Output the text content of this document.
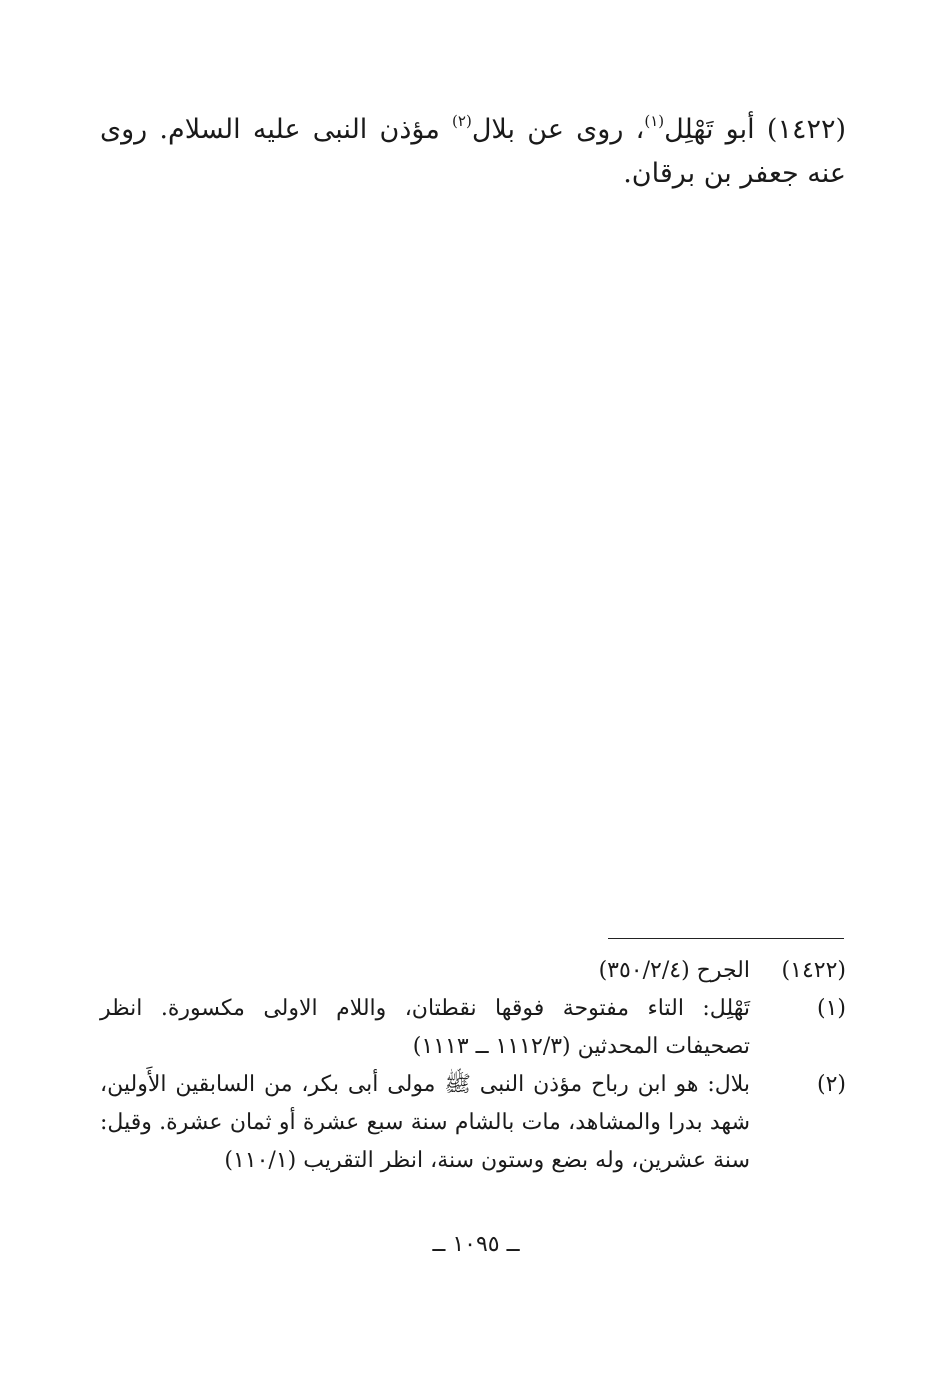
(١٤٢٢) أبو تَهْلِل$^{(١)}$، روى عن بلال$^{(٢)}$ مؤذن النبى عليه السلام. روى عنه جعفر بن برقان.

(١٤٢٢)
الجرح (٣٥٠/٢/٤)
(١)
تَهْلِل: التاء مفتوحة فوقها نقطتان، واللام الاولى مكسورة. انظر تصحيفات المحدثين (١١١٢/٣ ــ ١١١٣)
(٢)
بلال: هو ابن رباح مؤذن النبى ﷺ مولى أبى بكر، من السابقين الأَولين، شهد بدرا والمشاهد، مات بالشام سنة سبع عشرة أو ثمان عشرة. وقيل: سنة عشرين، وله بضع وستون سنة، انظر التقريب (١١٠/١)
ــ ١٠٩٥ ــ
